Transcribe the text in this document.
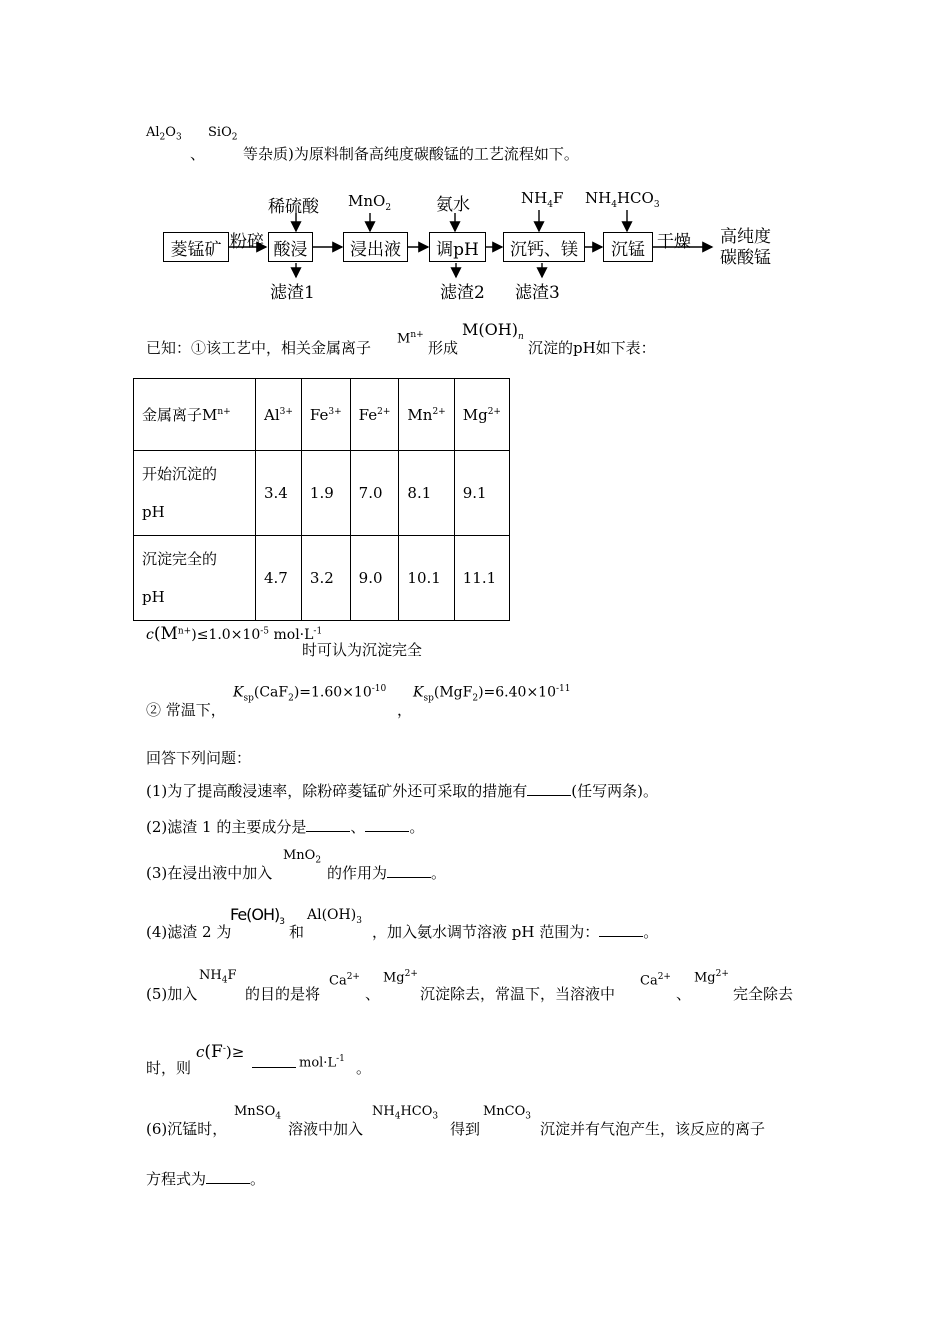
$Al_2O_3$
、
SiO$_2$
等杂质)为原料制备高纯度碳酸锰的工艺流程如下。
菱锰矿	酸浸	浸出液	调pH	沉钙、镁	沉锰
粉碎	干燥 高纯度
碳酸锰
稀硫酸 MnO$_2$	氨水	$NH_4F$ $NH_4HCO_3$
滤渣1	滤渣2 滤渣3
已知：①该工艺中，相关金属离子
$M^{n+}$
形成
$M(OH)_n$
沉淀的pH如下表：
金属离子$M^{n+}$	$Al^{3+}$	$Fe^{3+}$	$Fe^{2+}$	$Mn^{2+}$	$Mg^{2+}$
开始沉淀的
pH	3.4	1.9	7.0	8.1	9.1
沉淀完全的
pH	4.7	3.2	9.0	10.1	11.1
$c(M^{n+})\le 1.0\times 10^{-5}$ $mol\cdot L^{-1}$
时可认为沉淀完全
② 常温下，
$K_{sp}(CaF_2)=1.60\times 10^{-10}$
，
$K_{sp}(MgF_2)=6.40\times 10^{-11}$
回答下列问题：
(1)为了提高酸浸速率，除粉碎菱锰矿外还可采取的措施有	(任写两条)。
(2)滤渣 1 的主要成分是	、	。
(3)在浸出液中加入
MnO$_2$
的作用为	。
(4)滤渣 2 为
$Fe(OH)_3$
和
$Al(OH)_3$
，加入氨水调节溶液 pH 范围为：	。
(5)加入
$NH_4F$
的目的是将
$Ca^{2+}$
、
$Mg^{2+}$
沉淀除去，常温下，当溶液中
$Ca^{2+}$
、
$Mg^{2+}$
完全除去
时，则
c(F-)≥
$mol\cdot L^{-1}$ 。
(6)沉锰时，
MnSO$_4$
溶液中加入
$NH_4HCO_3$
得到
MnCO$_3$
沉淀并有气泡产生，该反应的离子
方程式为	。
